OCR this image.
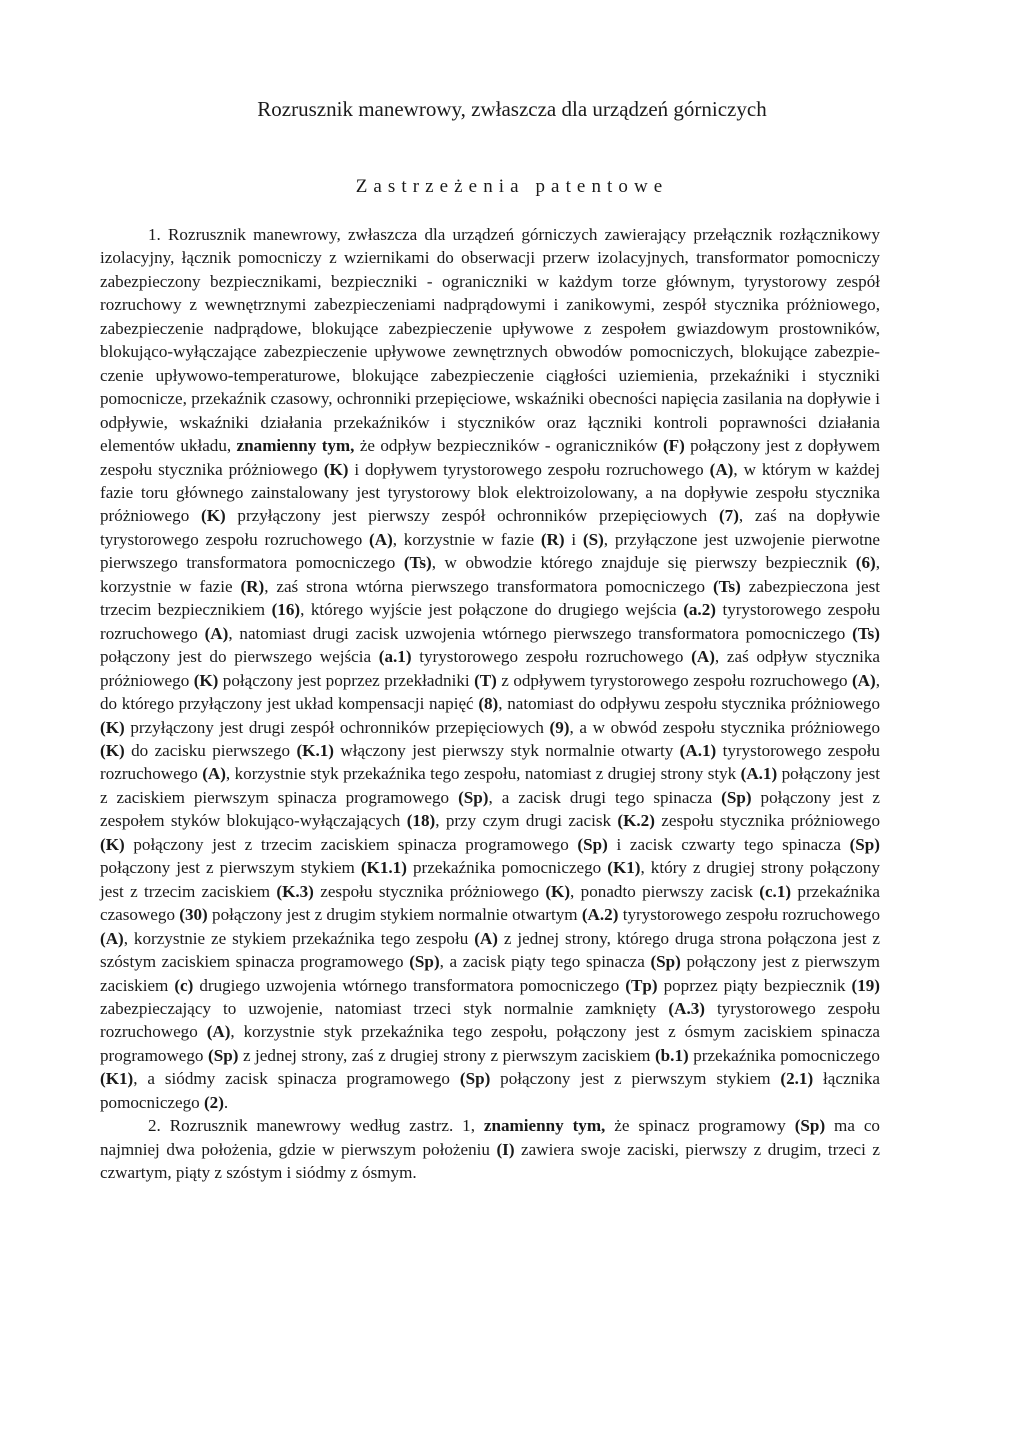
Rozrusznik manewrowy, zwłaszcza dla urządzeń górniczych
Zastrzeżenia patentowe

1. Rozrusznik manewrowy, zwłaszcza dla urządzeń górniczych zawierający przełącznik rozłącznikowy izolacyjny, łącznik pomocniczy z wziernikami do obserwacji przerw izolacyjnych, transformator pomocniczy zabezpieczony bezpiecznikami, bezpieczniki - ograniczniki w każdym torze głównym, tyrystorowy zespół rozruchowy z wewnętrznymi zabezpieczeniami nadprądowymi i zanikowymi, zespół stycznika próżniowego, zabezpieczenie nadprądowe, blokujące zabezpieczenie upływowe z zespołem gwiazdowym prostowników, blokująco-wyłączające zabezpieczenie upływowe zewnętrznych obwodów pomocniczych, blokujące zabezpieczenie upływowo-temperaturowe, blokujące zabezpieczenie ciągłości uziemienia, przekaźniki i styczniki pomocnicze, przekaźnik czasowy, ochronniki przepięciowe, wskaźniki obecności napięcia zasilania na dopływie i odpływie, wskaźniki działania przekaźników i styczników oraz łączniki kontroli poprawności działania elementów układu, znamienny tym, że odpływ bezpieczników - ograniczników (F) połączony jest z dopływem zespołu stycznika próżniowego (K) i dopływem tyrystorowego zespołu rozruchowego (A), w którym w każdej fazie toru głównego zainstalowany jest tyrystorowy blok elektroizolowany, a na dopływie zespołu stycznika próżniowego (K) przyłączony jest pierwszy zespół ochronników przepięciowych (7), zaś na dopływie tyrystorowego zespołu rozruchowego (A), korzystnie w fazie (R) i (S), przyłączone jest uzwojenie pierwotne pierwszego transformatora pomocniczego (Ts), w obwodzie którego znajduje się pierwszy bezpiecznik (6), korzystnie w fazie (R), zaś strona wtórna pierwszego transformatora pomocniczego (Ts) zabezpieczona jest trzecim bezpiecznikiem (16), którego wyjście jest połączone do drugiego wejścia (a.2) tyrystorowego zespołu rozruchowego (A), natomiast drugi zacisk uzwojenia wtórnego pierwszego transformatora pomocniczego (Ts) połączony jest do pierwszego wejścia (a.1) tyrystorowego zespołu rozruchowego (A), zaś odpływ stycznika próżniowego (K) połączony jest poprzez przekładniki (T) z odpływem tyrystorowego zespołu rozruchowego (A), do którego przyłączony jest układ kompensacji napięć (8), natomiast do odpływu zespołu stycznika próżniowego (K) przyłączony jest drugi zespół ochronników przepięciowych (9), a w obwód zespołu stycznika próżniowego (K) do zacisku pierwszego (K.1) włączony jest pierwszy styk normalnie otwarty (A.1) tyrystorowego zespołu rozruchowego (A), korzystnie styk przekaźnika tego zespołu, natomiast z drugiej strony styk (A.1) połączony jest z zaciskiem pierwszym spinacza programowego (Sp), a zacisk drugi tego spinacza (Sp) połączony jest z zespołem styków blokująco-wyłączających (18), przy czym drugi zacisk (K.2) zespołu stycznika próżniowego (K) połączony jest z trzecim zaciskiem spinacza programowego (Sp) i zacisk czwarty tego spinacza (Sp) połączony jest z pierwszym stykiem (K1.1) przekaźnika pomocniczego (K1), który z drugiej strony połączony jest z trzecim zaciskiem (K.3) zespołu stycznika próżniowego (K), ponadto pierwszy zacisk (c.1) przekaźnika czasowego (30) połączony jest z drugim stykiem normalnie otwartym (A.2) tyrystorowego zespołu rozruchowego (A), korzystnie ze stykiem przekaźnika tego zespołu (A) z jednej strony, którego druga strona połączona jest z szóstym zaciskiem spinacza programowego (Sp), a zacisk piąty tego spinacza (Sp) połączony jest z pierwszym zaciskiem (c) drugiego uzwojenia wtórnego transformatora pomocniczego (Tp) poprzez piąty bezpiecznik (19) zabezpieczający to uzwojenie, natomiast trzeci styk normalnie zamknięty (A.3) tyrystorowego zespołu rozruchowego (A), korzystnie styk przekaźnika tego zespołu, połączony jest z ósmym zaciskiem spinacza programowego (Sp) z jednej strony, zaś z drugiej strony z pierwszym zaciskiem (b.1) przekaźnika pomocniczego (K1), a siódmy zacisk spinacza programowego (Sp) połączony jest z pierwszym stykiem (2.1) łącznika pomocniczego (2).

2. Rozrusznik manewrowy według zastrz. 1, znamienny tym, że spinacz programowy (Sp) ma co najmniej dwa położenia, gdzie w pierwszym położeniu (I) zawiera swoje zaciski, pierwszy z drugim, trzeci z czwartym, piąty z szóstym i siódmy z ósmym.
